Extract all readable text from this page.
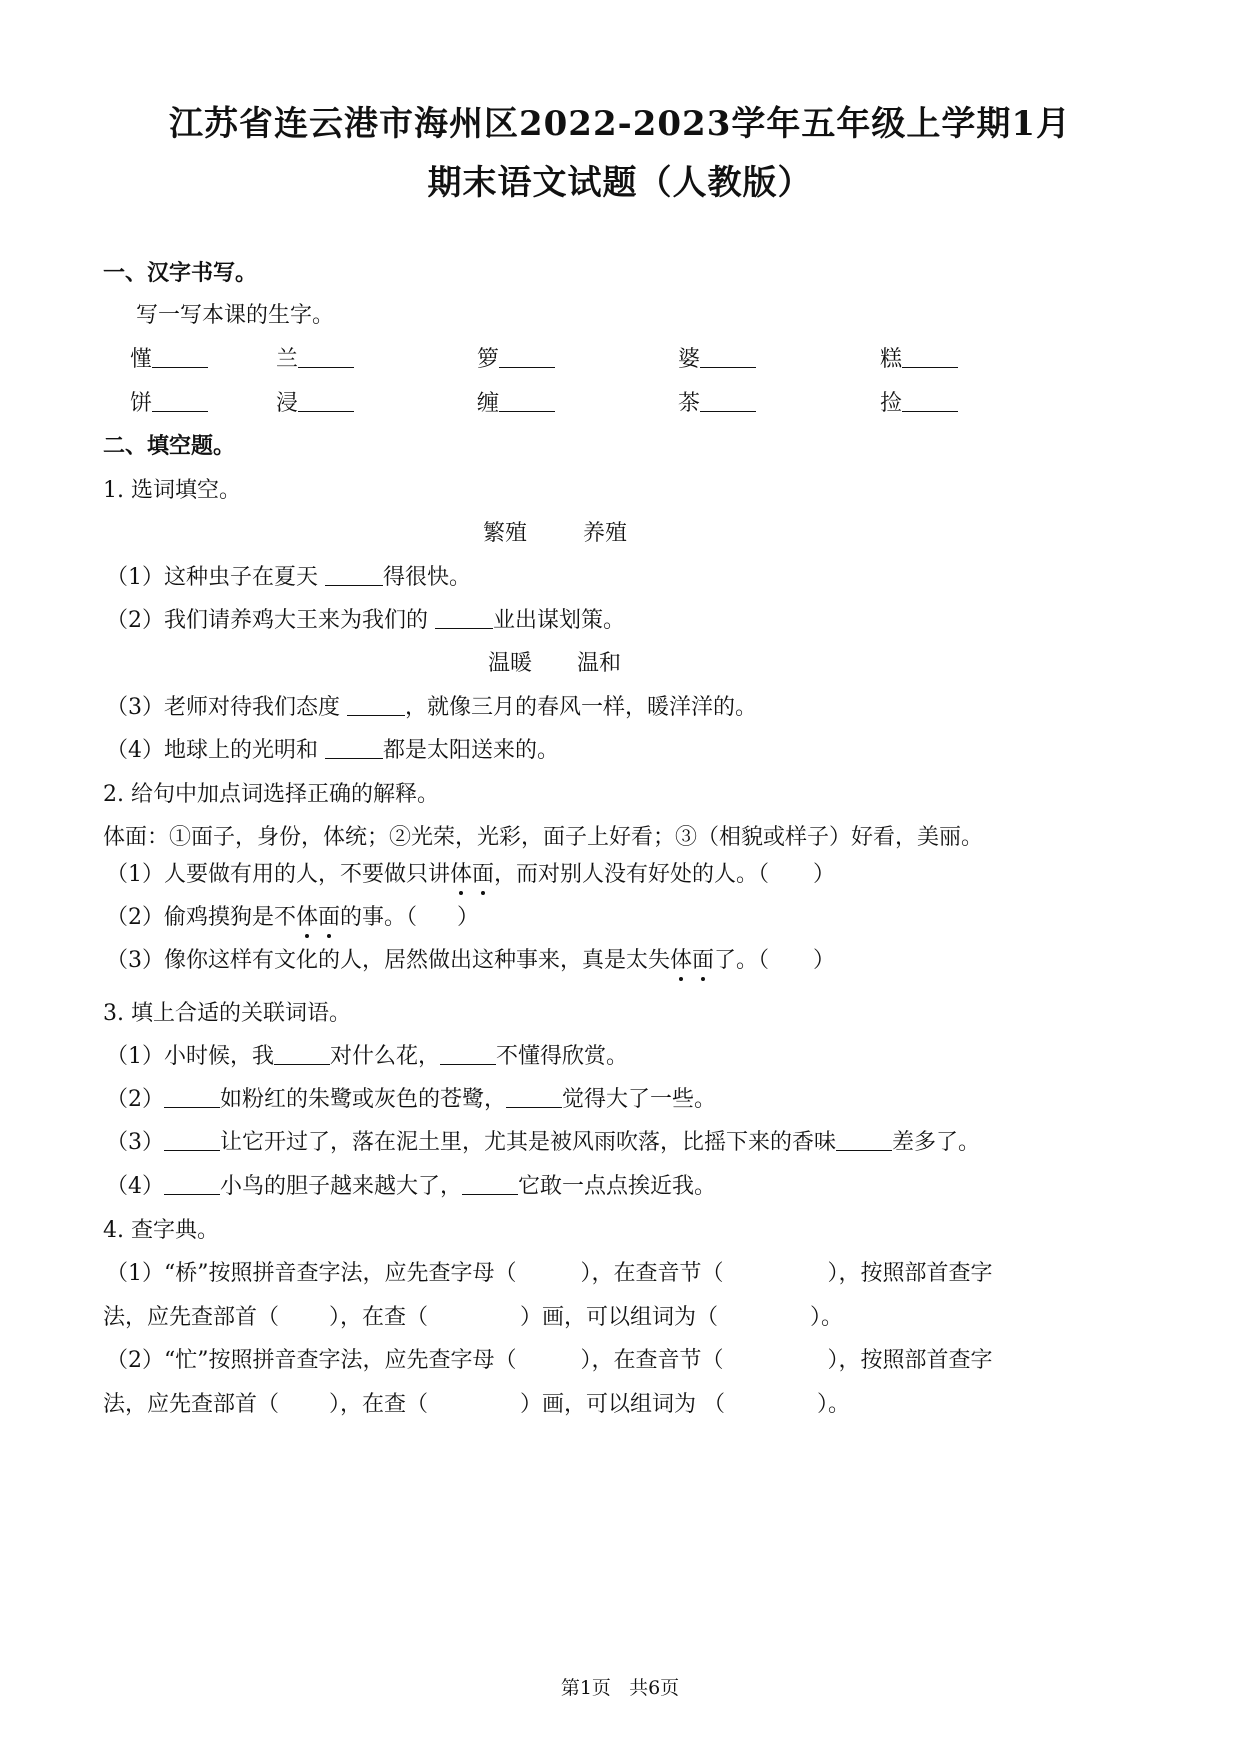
江苏省连云港市海州区2022-2023学年五年级上学期1月
期末语文试题（人教版）
一、汉字书写。
写一写本课的生字。
慬	兰	箩	婆	糕
饼	浸	缠	茶	捡
二、填空题。
1. 选词填空。
繁殖	养殖
（1）这种虫子在夏天	得很快。
（2）我们请养鸡大王来为我们的	业出谋划策。
温暖 温和
（3）老师对待我们态度	，就像三月的春风一样，暖洋洋的。
（4）地球上的光明和	都是太阳送来的。
2. 给句中加点词选择正确的解释。
体面：①面子，身份，体统；②光荣，光彩，面子上好看；③（相貌或样子）好看，美丽。
（1）人要做有用的人，不要做只讲体面，而对别人没有好处的人。（ ）
（2）偷鸡摸狗是不体面的事。（ ）
（3）像你这样有文化的人，居然做出这种事来，真是太失体面了。（ ）
3. 填上合适的关联词语。
（1）小时候，我	对什么花，	不懂得欣赏。
（2）	如粉红的朱鹭或灰色的苍鹭，	觉得大了一些。
（3）	让它开过了，落在泥土里，尤其是被风雨吹落，比摇下来的香味	差多了。
（4）	小鸟的胆子越来越大了，	它敢一点点挨近我。
4. 查字典。
（1）“桥”按照拼音查字法，应先查字母（	），在查音节（	），按照部首查字
法，应先查部首（ ），在查（	）画，可以组词为（	）。
（2）“忙”按照拼音查字法，应先查字母（	），在查音节（	），按照部首查字
法，应先查部首（ ），在查（	）画，可以组词为 （	）。
第1页 共6页
